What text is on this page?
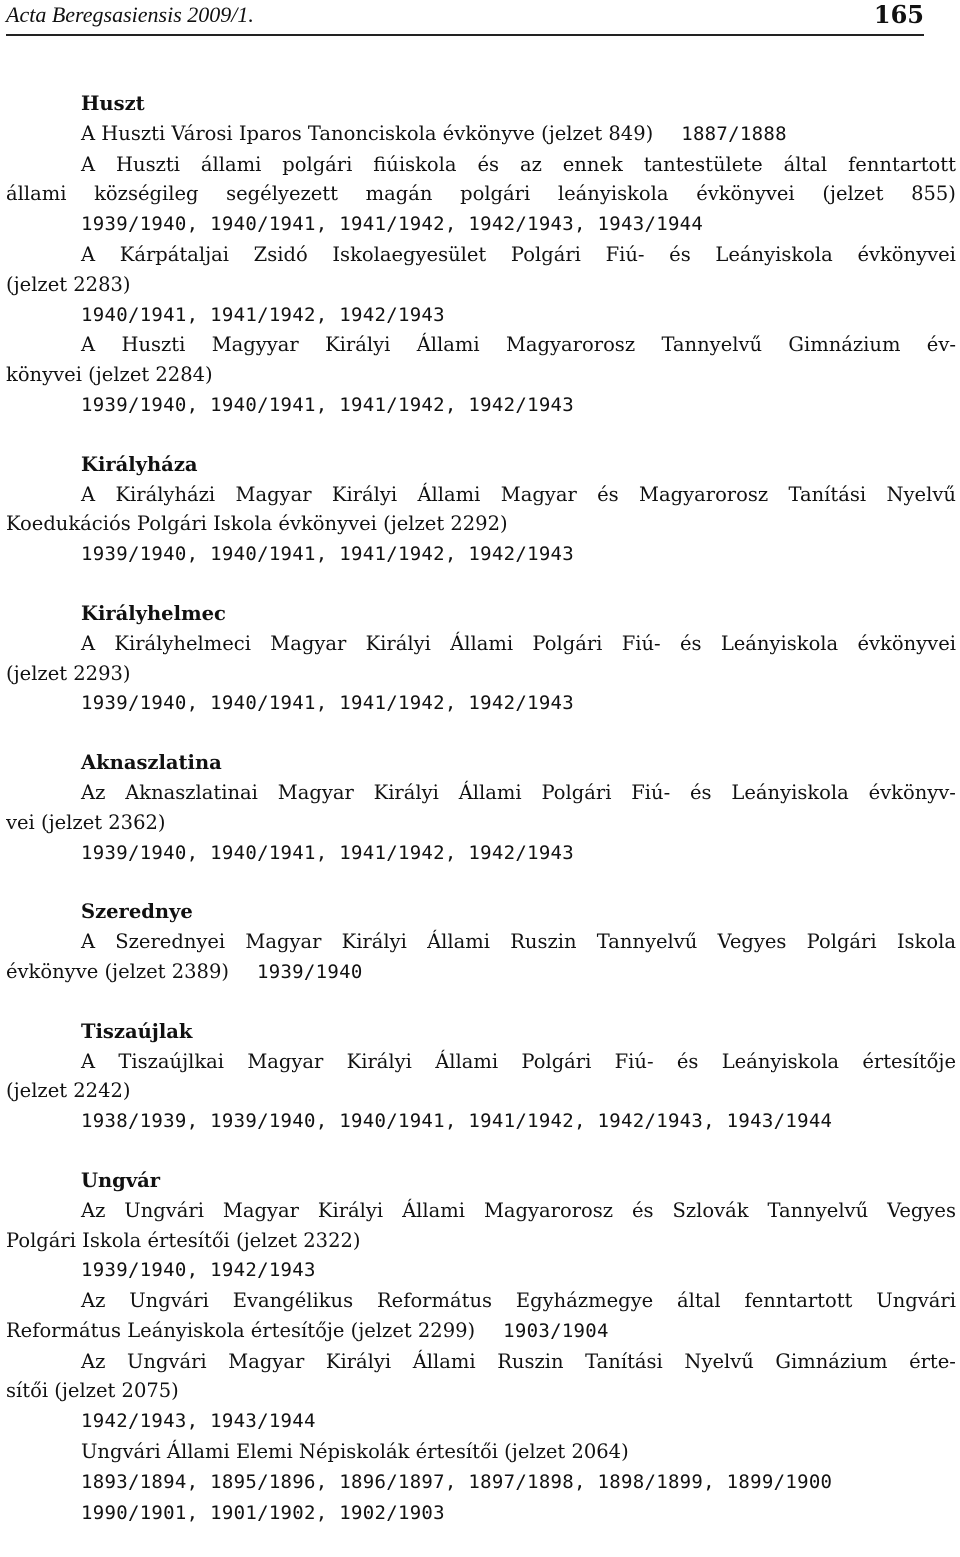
Acta Beregsasiensis 2009/1.	165
Huszt
A Huszti Városi Iparos Tanonciskola évkönyve (jelzet 849) 1887/1888
A Huszti állami polgári fiúiskola és az ennek tantestülete által fenntartott
állami községileg segélyezett magán polgári leányiskola évkönyvei (jelzet 855)
1939/1940, 1940/1941, 1941/1942, 1942/1943, 1943/1944
A Kárpátaljai Zsidó Iskolaegyesület Polgári Fiú- és Leányiskola évkönyvei
(jelzet 2283)
1940/1941, 1941/1942, 1942/1943
A Huszti Magyyar Királyi Állami Magyarorosz Tannyelvű Gimnázium év-
könyvei (jelzet 2284)
1939/1940, 1940/1941, 1941/1942, 1942/1943
Királyháza
A Királyházi Magyar Királyi Állami Magyar és Magyarorosz Tanítási Nyelvű
Koedukációs Polgári Iskola évkönyvei (jelzet 2292)
1939/1940, 1940/1941, 1941/1942, 1942/1943
Királyhelmec
A Királyhelmeci Magyar Királyi Állami Polgári Fiú- és Leányiskola évkönyvei
(jelzet 2293)
1939/1940, 1940/1941, 1941/1942, 1942/1943
Aknaszlatina
Az Aknaszlatinai Magyar Királyi Állami Polgári Fiú- és Leányiskola évkönyv-
vei (jelzet 2362)
1939/1940, 1940/1941, 1941/1942, 1942/1943
Szerednye
A Szerednyei Magyar Királyi Állami Ruszin Tannyelvű Vegyes Polgári Iskola
évkönyve (jelzet 2389) 1939/1940
Tiszaújlak
A Tiszaújlkai Magyar Királyi Állami Polgári Fiú- és Leányiskola értesítője
(jelzet 2242)
1938/1939, 1939/1940, 1940/1941, 1941/1942, 1942/1943, 1943/1944
Ungvár
Az Ungvári Magyar Királyi Állami Magyarorosz és Szlovák Tannyelvű Vegyes
Polgári Iskola értesítői (jelzet 2322)
1939/1940, 1942/1943
Az Ungvári Evangélikus Református Egyházmegye által fenntartott Ungvári
Református Leányiskola értesítője (jelzet 2299) 1903/1904
Az Ungvári Magyar Királyi Állami Ruszin Tanítási Nyelvű Gimnázium érte-
sítői (jelzet 2075)
1942/1943, 1943/1944
Ungvári Állami Elemi Népiskolák értesítői (jelzet 2064)
1893/1894, 1895/1896, 1896/1897, 1897/1898, 1898/1899, 1899/1900
1990/1901, 1901/1902, 1902/1903
